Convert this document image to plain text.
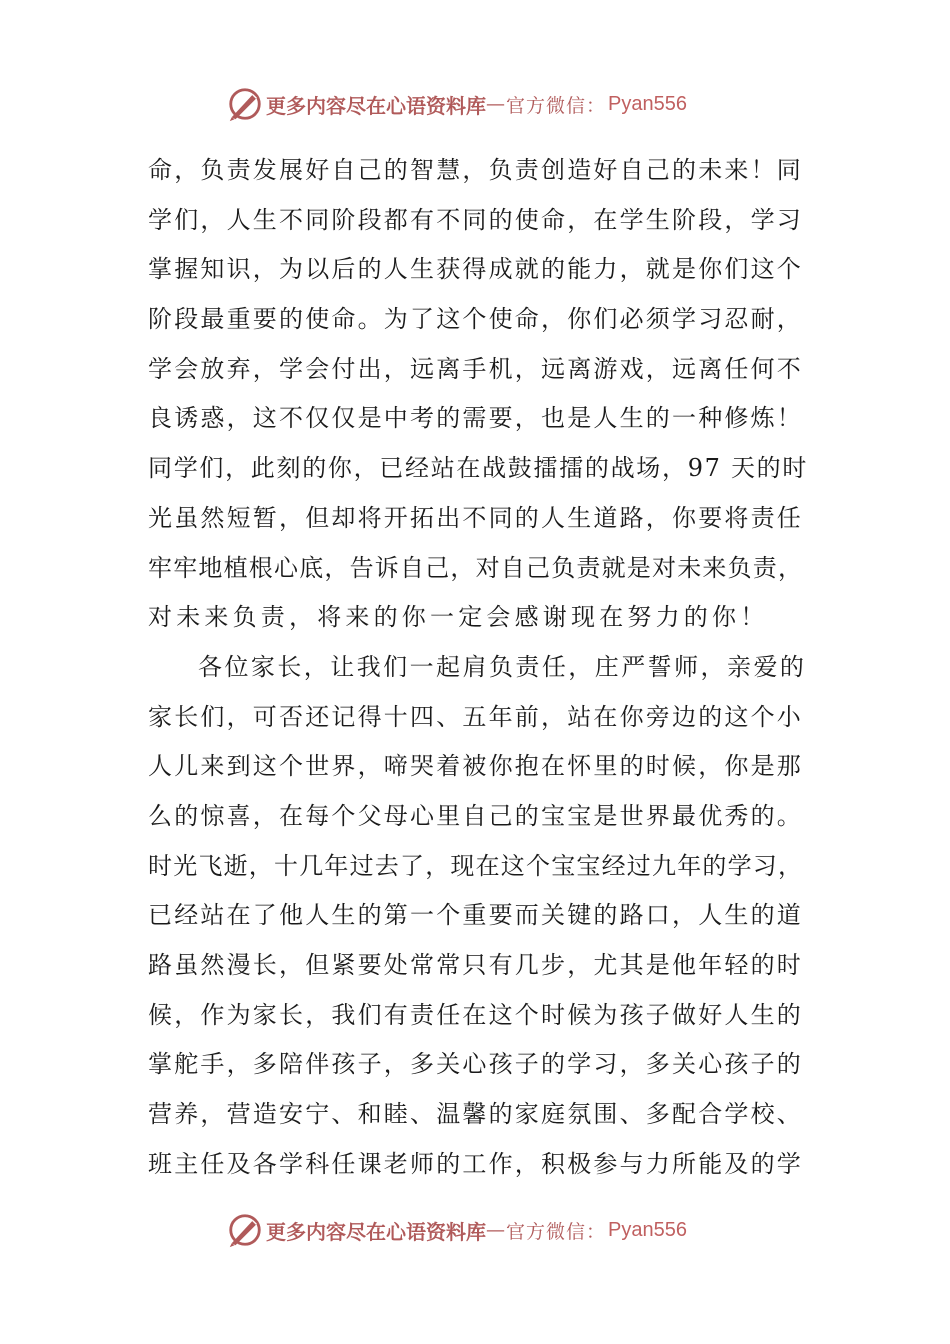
更多内容尽在心语资料库 — 官方微信： Pyan556
命，负责发展好自己的智慧，负责创造好自己的未来！同
学们，人生不同阶段都有不同的使命，在学生阶段，学习
掌握知识，为以后的人生获得成就的能力，就是你们这个
阶段最重要的使命。为了这个使命，你们必须学习忍耐，
学会放弃，学会付出，远离手机，远离游戏，远离任何不
良诱惑，这不仅仅是中考的需要，也是人生的一种修炼！
同学们，此刻的你，已经站在战鼓擂擂的战场，97 天的时
光虽然短暂，但却将开拓出不同的人生道路，你要将责任
牢牢地植根心底，告诉自己，对自己负责就是对未来负责，
对未来负责，将来的你一定会感谢现在努力的你！
各位家长，让我们一起肩负责任，庄严誓师，亲爱的
家长们，可否还记得十四、五年前，站在你旁边的这个小
人儿来到这个世界，啼哭着被你抱在怀里的时候，你是那
么的惊喜，在每个父母心里自己的宝宝是世界最优秀的。
时光飞逝，十几年过去了，现在这个宝宝经过九年的学习，
已经站在了他人生的第一个重要而关键的路口，人生的道
路虽然漫长，但紧要处常常只有几步，尤其是他年轻的时
候，作为家长，我们有责任在这个时候为孩子做好人生的
掌舵手，多陪伴孩子，多关心孩子的学习，多关心孩子的
营养，营造安宁、和睦、温馨的家庭氛围、多配合学校、
班主任及各学科任课老师的工作，积极参与力所能及的学
更多内容尽在心语资料库 — 官方微信： Pyan556
